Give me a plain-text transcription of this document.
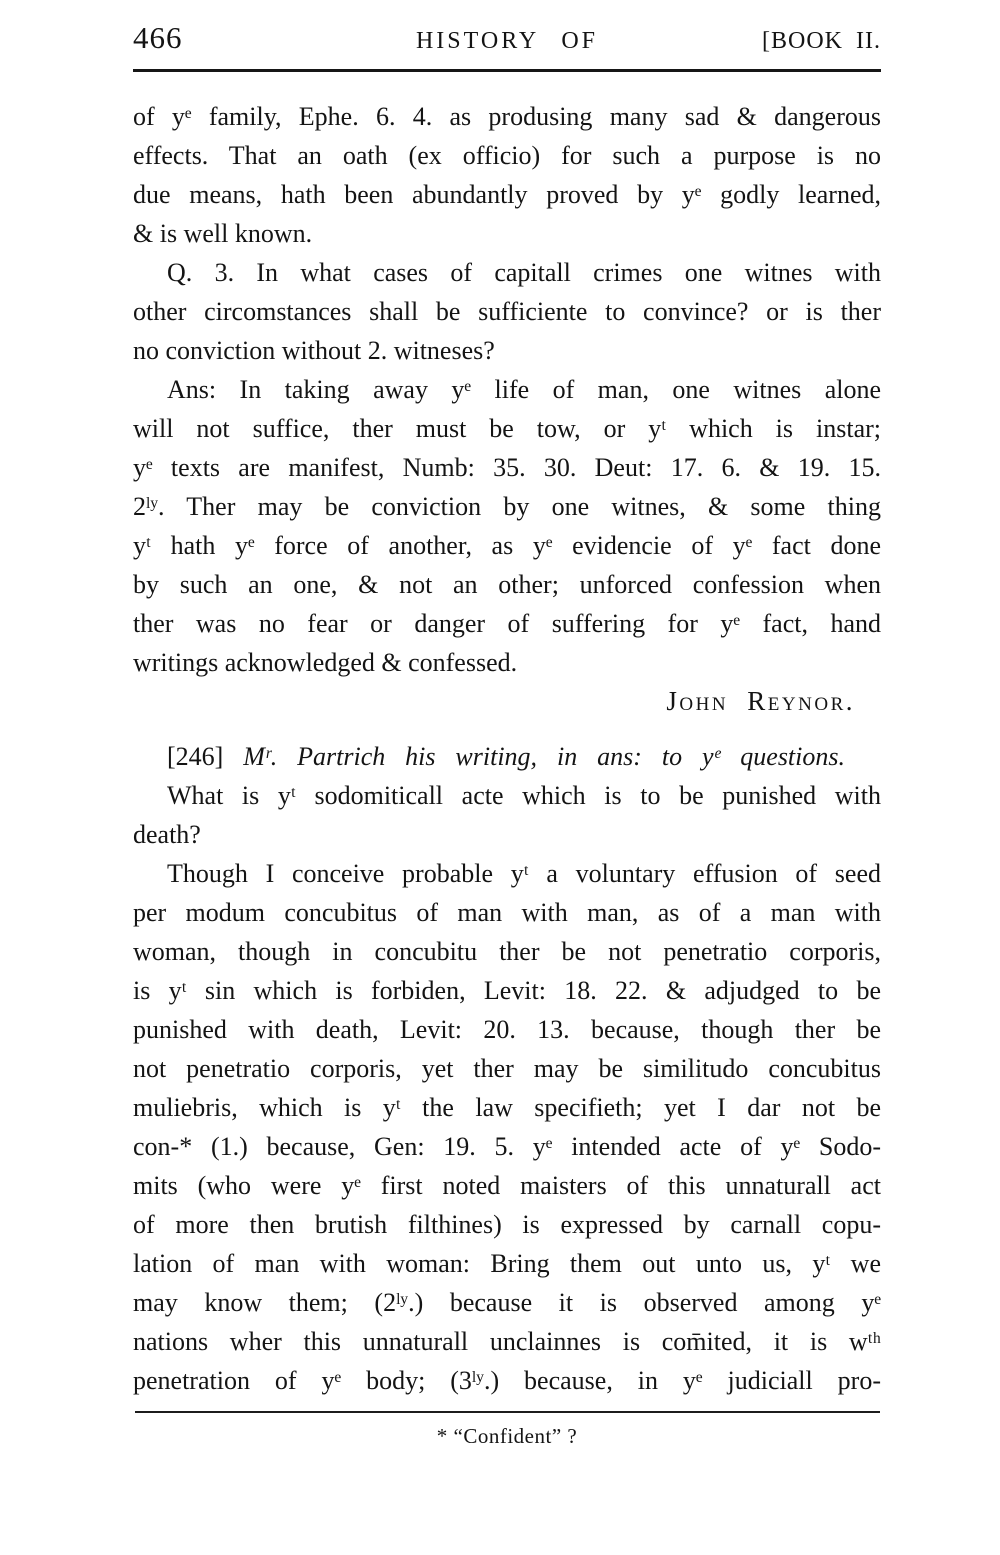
466	HISTORY OF	[BOOK II.
of yᵉ family, Ephe. 6. 4. as produsing many sad & dangerous
effects. That an oath (ex officio) for such a purpose is no
due means, hath been abundantly proved by yᵉ godly learned,
& is well known.
Q. 3. In what cases of capitall crimes one witnes with
other circomstances shall be sufficiente to convince? or is ther
no conviction without 2. witneses?
Ans: In taking away yᵉ life of man, one witnes alone
will not suffice, ther must be tow, or yᵗ which is instar;
yᵉ texts are manifest, Numb: 35. 30. Deut: 17. 6. & 19. 15.
2ˡʸ. Ther may be conviction by one witnes, & some thing
yᵗ hath yᵉ force of another, as yᵉ evidencie of yᵉ fact done
by such an one, & not an other; unforced confession when
ther was no fear or danger of suffering for yᵉ fact, hand
writings acknowledged & confessed.
John Reynor.
[246] Mʳ. Partrich his writing, in ans: to yᵉ questions.
What is yᵗ sodomiticall acte which is to be punished with
death?
Though I conceive probable yᵗ a voluntary effusion of seed
per modum concubitus of man with man, as of a man with
woman, though in concubitu ther be not penetratio corporis,
is yᵗ sin which is forbiden, Levit: 18. 22. & adjudged to be
punished with death, Levit: 20. 13. because, though ther be
not penetratio corporis, yet ther may be similitudo concubitus
muliebris, which is yᵗ the law specifieth; yet I dar not be
con-* (1.) because, Gen: 19. 5. yᵉ intended acte of yᵉ Sodo-
mits (who were yᵉ first noted maisters of this unnaturall act
of more then brutish filthines) is expressed by carnall copu-
lation of man with woman: Bring them out unto us, yᵗ we
may know them; (2ˡʸ.) because it is observed among yᵉ
nations wher this unnaturall unclainnes is com̄ited, it is wᵗʰ
penetration of yᵉ body; (3ˡʸ.) because, in yᵉ judiciall pro-
* “Confident” ?
